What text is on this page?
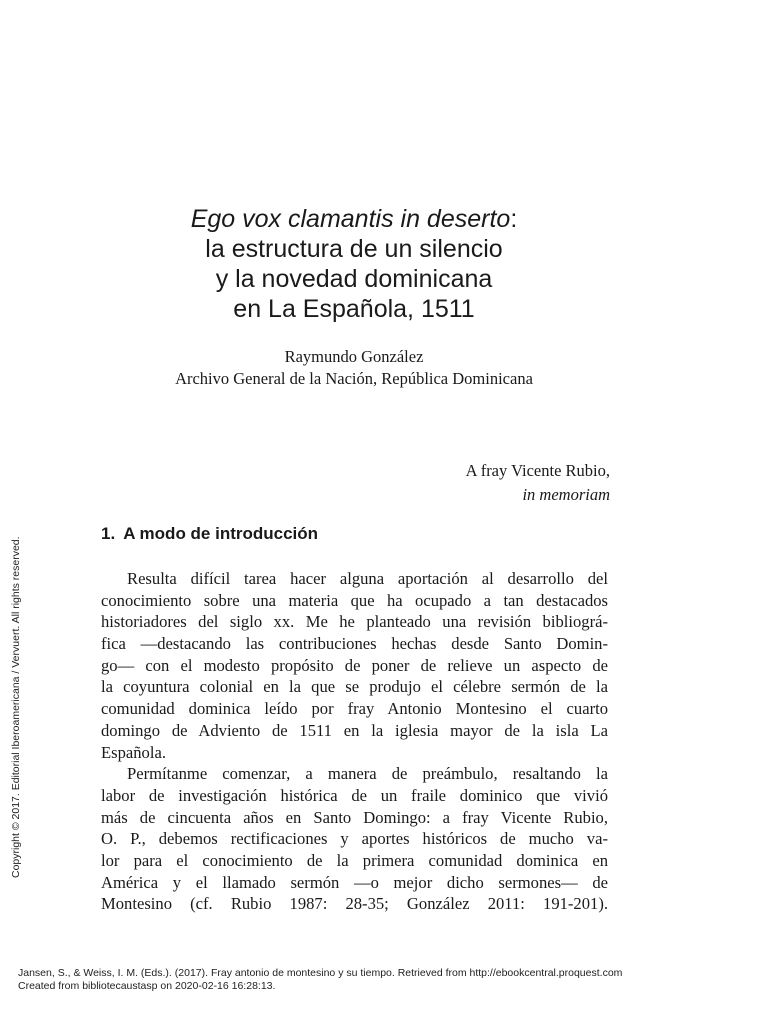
Ego vox clamantis in deserto:
la estructura de un silencio
y la novedad dominicana
en La Española, 1511
Raymundo González
Archivo General de la Nación, República Dominicana
A fray Vicente Rubio,
in memoriam
1. A modo de introducción
Resulta difícil tarea hacer alguna aportación al desarrollo del
conocimiento sobre una materia que ha ocupado a tan destacados
historiadores del siglo xx. Me he planteado una revisión bibliográ-
fica —destacando las contribuciones hechas desde Santo Domin-
go— con el modesto propósito de poner de relieve un aspecto de
la coyuntura colonial en la que se produjo el célebre sermón de la
comunidad dominica leído por fray Antonio Montesino el cuarto
domingo de Adviento de 1511 en la iglesia mayor de la isla La
Española.
Permítanme comenzar, a manera de preámbulo, resaltando la
labor de investigación histórica de un fraile dominico que vivió
más de cincuenta años en Santo Domingo: a fray Vicente Rubio,
O. P., debemos rectificaciones y aportes históricos de mucho va-
lor para el conocimiento de la primera comunidad dominica en
América y el llamado sermón —o mejor dicho sermones— de
Montesino (cf. Rubio 1987: 28-35; González 2011: 191-201).
Copyright © 2017. Editorial Iberoamericana / Vervuert. All rights reserved.
Jansen, S., & Weiss, I. M. (Eds.). (2017). Fray antonio de montesino y su tiempo. Retrieved from http://ebookcentral.proquest.com
Created from bibliotecaustasp on 2020-02-16 16:28:13.
